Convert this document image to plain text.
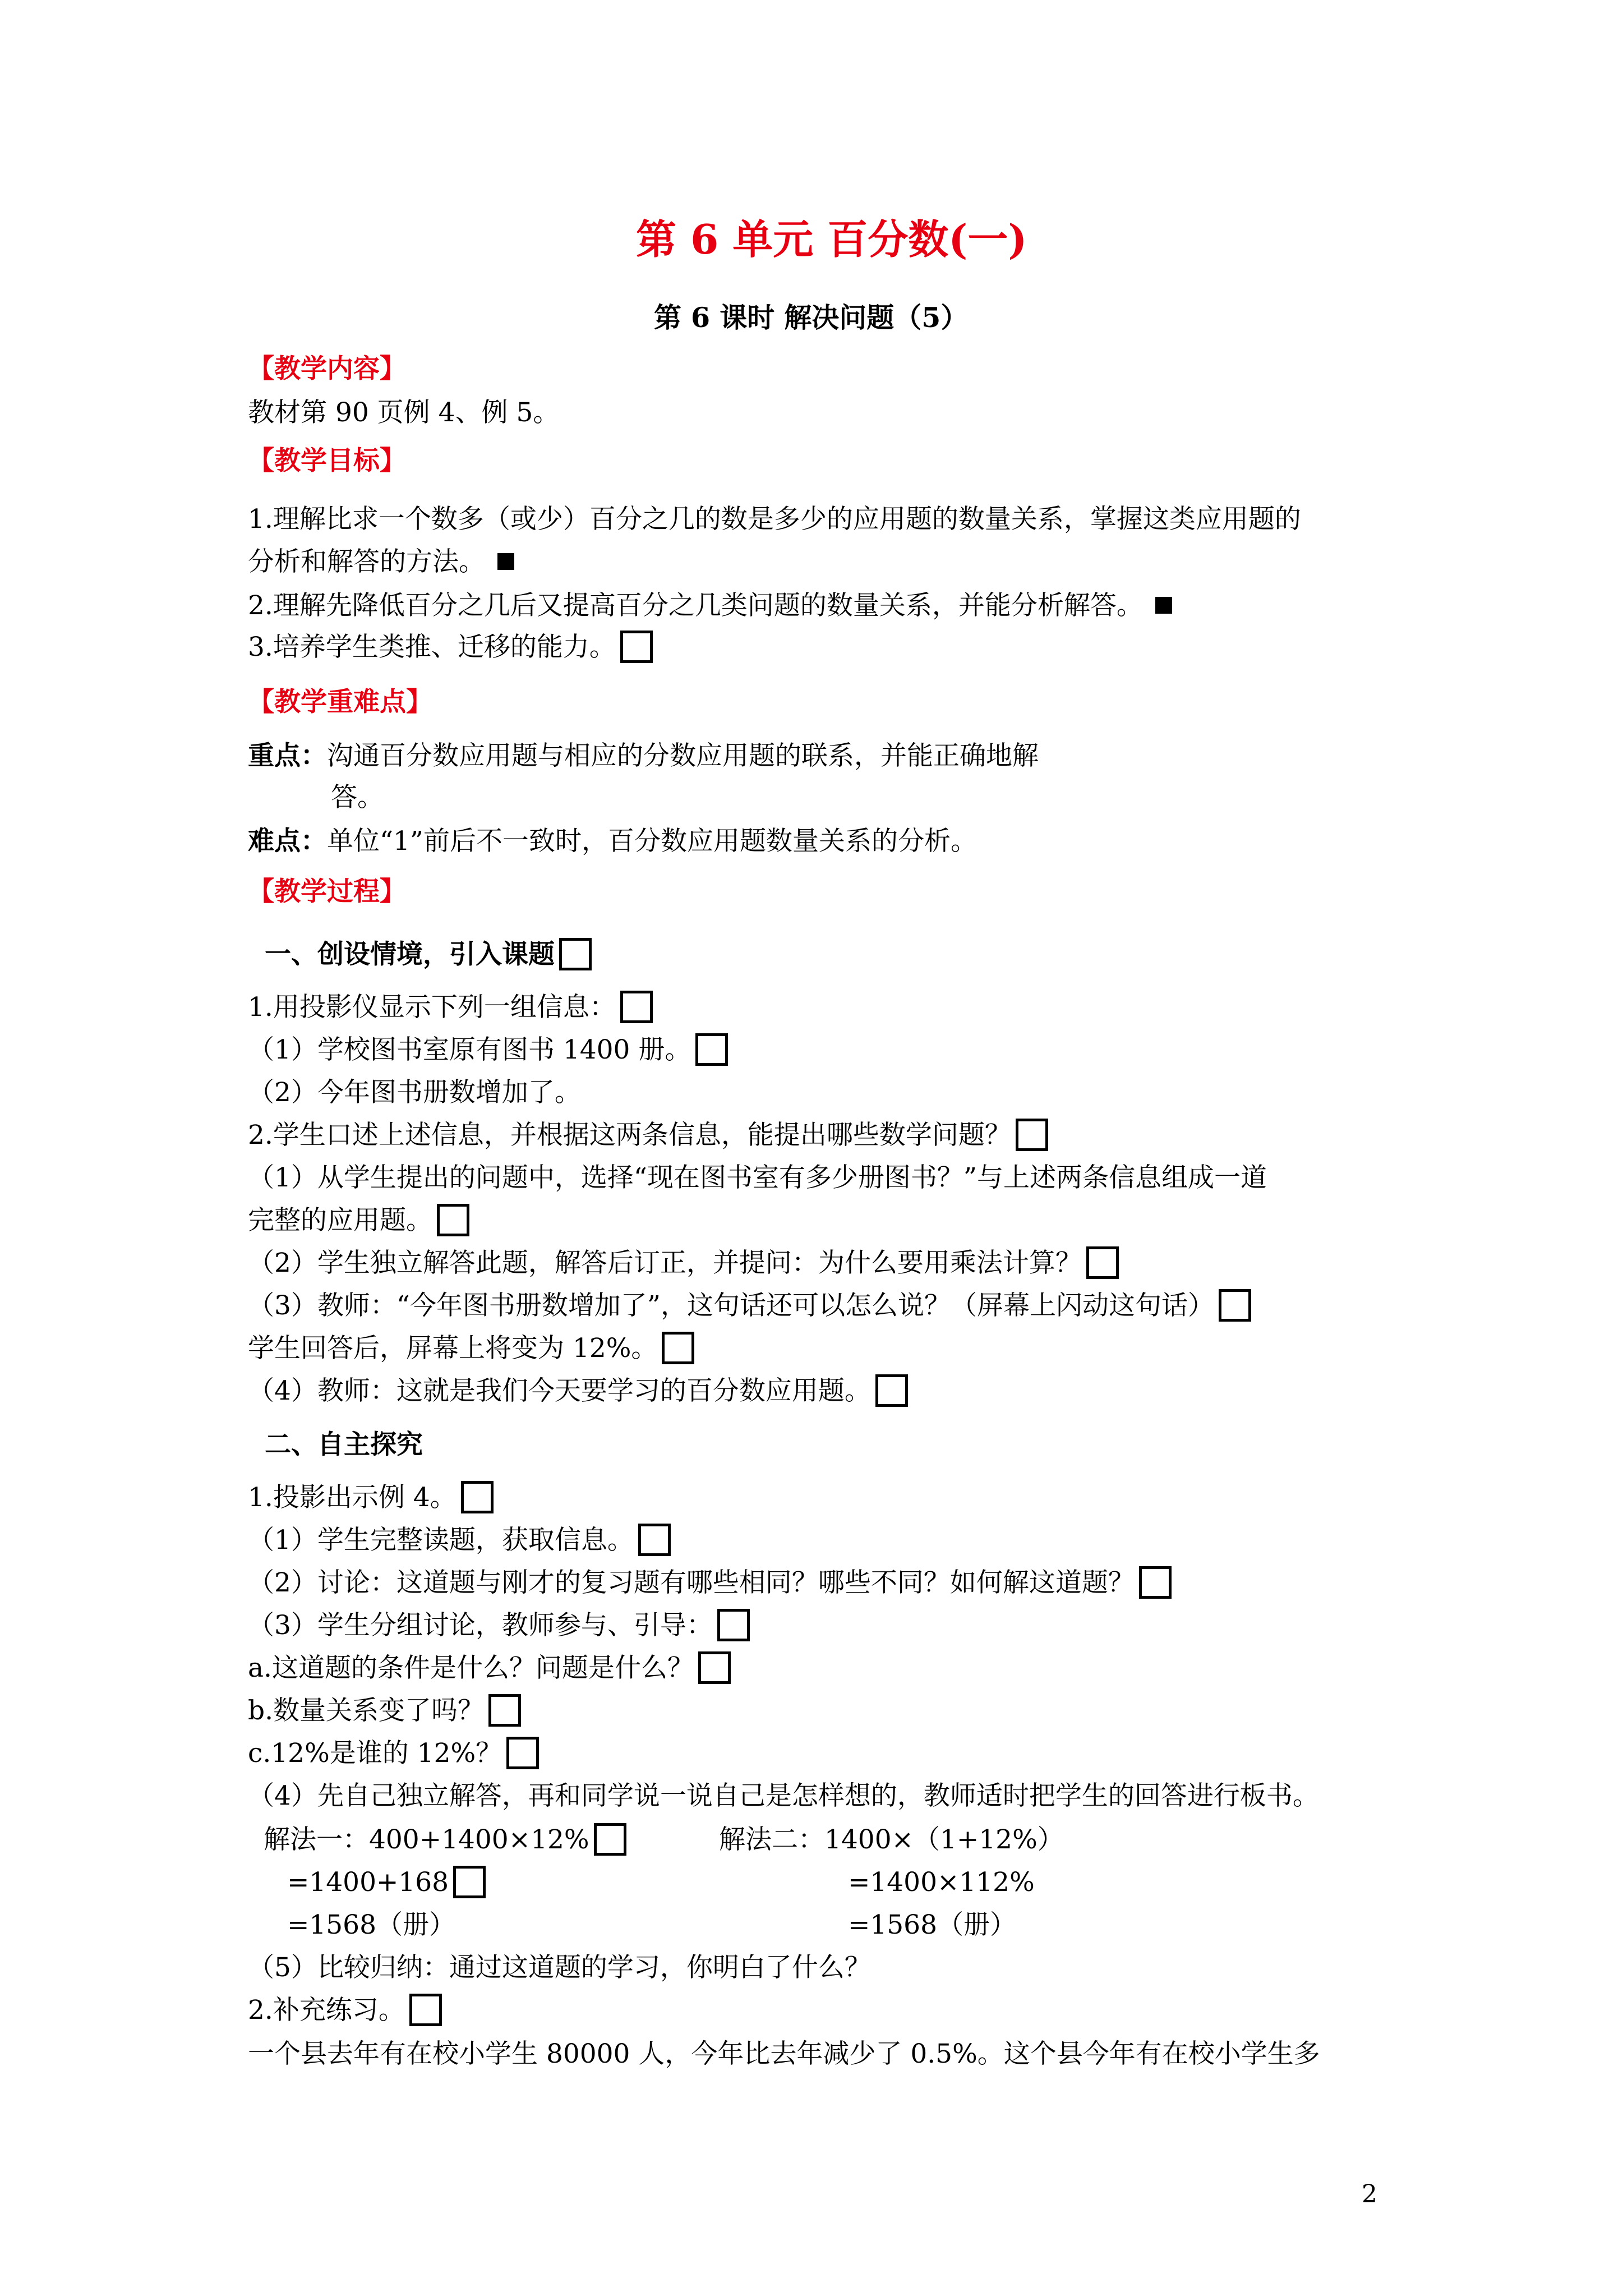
第 6 单元 百分数(一)
第 6 课时 解决问题（5）
【教学内容】
教材第 90 页例 4、例 5。
【教学目标】
1.理解比求一个数多（或少）百分之几的数是多少的应用题的数量关系，掌握这类应用题的
分析和解答的方法。
2.理解先降低百分之几后又提高百分之几类问题的数量关系，并能分析解答。
3.培养学生类推、迁移的能力。
【教学重难点】
重点：沟通百分数应用题与相应的分数应用题的联系，并能正确地解
答。
难点：单位“1”前后不一致时，百分数应用题数量关系的分析。
【教学过程】
一、创设情境，引入课题
1.用投影仪显示下列一组信息：
（1）学校图书室原有图书 1400 册。
（2）今年图书册数增加了。
2.学生口述上述信息，并根据这两条信息，能提出哪些数学问题？
（1）从学生提出的问题中，选择“现在图书室有多少册图书？”与上述两条信息组成一道
完整的应用题。
（2）学生独立解答此题，解答后订正，并提问：为什么要用乘法计算？
（3）教师：“今年图书册数增加了”，这句话还可以怎么说？（屏幕上闪动这句话）
学生回答后，屏幕上将变为 12%。
（4）教师：这就是我们今天要学习的百分数应用题。
二、自主探究
1.投影出示例 4。
（1）学生完整读题，获取信息。
（2）讨论：这道题与刚才的复习题有哪些相同？哪些不同？如何解这道题？
（3）学生分组讨论，教师参与、引导：
a.这道题的条件是什么？问题是什么？
b.数量关系变了吗？
c.12%是谁的 12%？
（4）先自己独立解答，再和同学说一说自己是怎样想的，教师适时把学生的回答进行板书。
解法一：400+1400×12%
=1400+168
=1568（册）
解法二：1400×（1+12%）
=1400×112%
=1568（册）
（5）比较归纳：通过这道题的学习，你明白了什么？
2.补充练习。
一个县去年有在校小学生 80000 人，今年比去年减少了 0.5%。这个县今年有在校小学生多
2
